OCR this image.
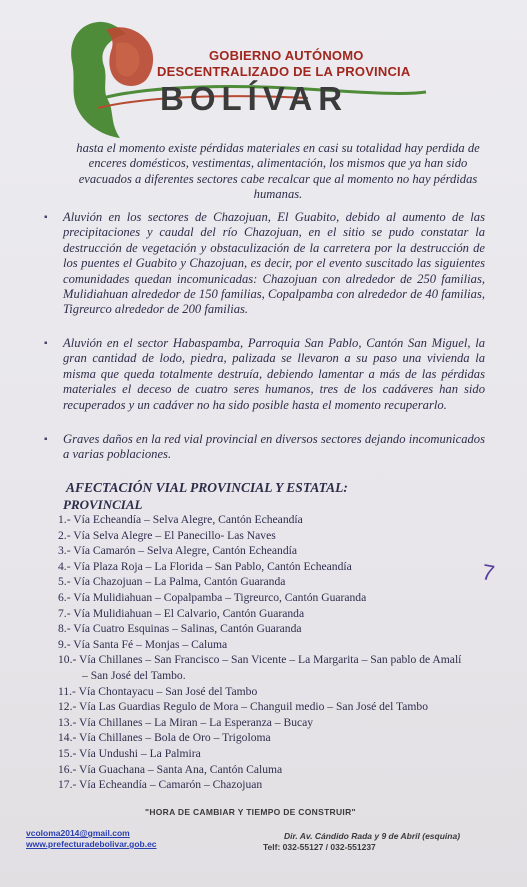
GOBIERNO AUTÓNOMO
DESCENTRALIZADO DE LA PROVINCIA
BOLÍVAR
hasta el momento existe pérdidas materiales en casi su totalidad hay perdida de enceres domésticos, vestimentas, alimentación, los mismos que ya han sido evacuados a diferentes sectores cabe recalcar que al momento no hay pérdidas humanas.
▪ Aluvión en los sectores de Chazojuan, El Guabito, debido al aumento de las precipitaciones y caudal del río Chazojuan, en el sitio se pudo constatar la destrucción de vegetación y obstaculización de la carretera por la destrucción de los puentes el Guabito y Chazojuan, es decir, por el evento suscitado las siguientes comunidades quedan incomunicadas: Chazojuan con alrededor de 250 familias, Mulidiahuan alrededor de 150 familias, Copalpamba con alrededor de 40 familias, Tigreurco alrededor de 200 familias.
▪ Aluvión en el sector Habaspamba, Parroquia San Pablo, Cantón San Miguel, la gran cantidad de lodo, piedra, palizada se llevaron a su paso una vivienda la misma que queda totalmente destruía, debiendo lamentar a más de las pérdidas materiales el deceso de cuatro seres humanos, tres de los cadáveres han sido recuperados y un cadáver no ha sido posible hasta el momento recuperarlo.
▪ Graves daños en la red vial provincial en diversos sectores dejando incomunicados a varias poblaciones.
AFECTACIÓN VIAL PROVINCIAL Y ESTATAL:
PROVINCIAL
1.- Vía Echeandía – Selva Alegre, Cantón Echeandía
2.- Vía Selva Alegre – El Panecillo- Las Naves
3.- Vía Camarón – Selva Alegre, Cantón Echeandía
4.- Vía Plaza Roja – La Florida – San Pablo, Cantón Echeandía
5.- Vía Chazojuan – La Palma, Cantón Guaranda
6.- Vía Mulidiahuan – Copalpamba – Tigreurco, Cantón Guaranda
7.- Vía Mulidiahuan – El Calvario, Cantón Guaranda
8.- Vía Cuatro Esquinas – Salinas, Cantón Guaranda
9.- Vía Santa Fé – Monjas – Caluma
10.- Vía Chillanes – San Francisco – San Vicente – La Margarita – San pablo de Amalí
– San José del Tambo.
11.- Vía Chontayacu – San José del Tambo
12.- Vía Las Guardias Regulo de Mora – Changuil medio – San José del Tambo
13.- Vía Chillanes – La Miran – La Esperanza – Bucay
14.- Vía Chillanes – Bola de Oro – Trigoloma
15.- Vía Undushi – La Palmira
16.- Vía Guachana – Santa Ana, Cantón Caluma
17.- Vía Echeandía – Camarón – Chazojuan
7
"HORA DE CAMBIAR Y TIEMPO DE CONSTRUIR"
vcoloma2014@gmail.com
www.prefecturadebolivar.gob.ec
Dir. Av. Cándido Rada y 9 de Abril (esquina)
Telf: 032-55127 / 032-551237
